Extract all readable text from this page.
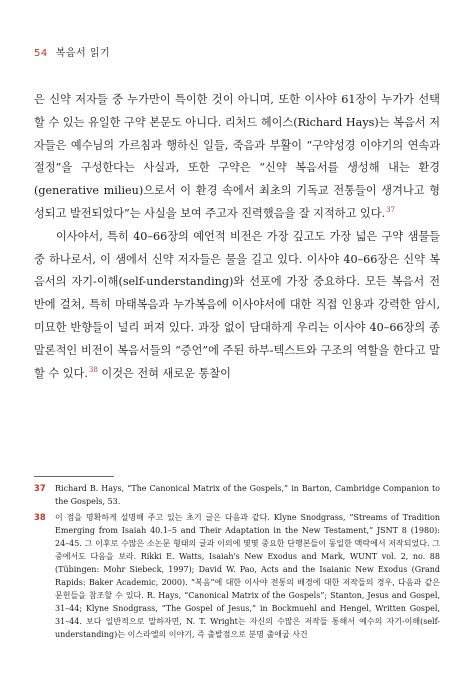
54 복음서 읽기

은 신약 저자들 중 누가만이 특이한 것이 아니며, 또한 이사야 61장이 누가가 선택할 수 있는 유일한 구약 본문도 아니다. 리처드 헤이스(Richard Hays)는 복음서 저자들은 예수님의 가르침과 행하신 일들, 죽음과 부활이 “구약성경 이야기의 연속과 절정”을 구성한다는 사실과, 또한 구약은 “신약 복음서를 생성해 내는 환경(generative milieu)으로서 이 환경 속에서 최초의 기독교 전통들이 생겨나고 형성되고 발전되었다”는 사실을 보여 주고자 진력했음을 잘 지적하고 있다.$^{37}$

이사야서, 특히 40–66장의 예언적 비전은 가장 깊고도 가장 넓은 구약 샘물들 중 하나로서, 이 샘에서 신약 저자들은 물을 길고 있다. 이사야 40–66장은 신약 복음서의 자기-이해(self-understanding)와 선포에 가장 중요하다. 모든 복음서 전반에 걸쳐, 특히 마태복음과 누가복음에 이사야서에 대한 직접 인용과 강력한 암시, 미묘한 반향들이 널리 퍼져 있다. 과장 없이 담대하게 우리는 이사야 40–66장의 종말론적인 비전이 복음서들의 “증언”에 주된 하부-텍스트와 구조의 역할을 한다고 말할 수 있다.$^{38}$ 이것은 전혀 새로운 통찰이

37 Richard B. Hays, “The Canonical Matrix of the Gospels,” in Barton, Cambridge Companion to the Gospels, 53.
38 이 점을 명확하게 설명해 주고 있는 초기 글은 다음과 같다. Klyne Snodgrass, “Streams of Tradition Emerging from Isaiah 40.1–5 and Their Adaptation in the New Testament,” JSNT 8 (1980): 24–45. 그 이후로 수많은 소논문 형태의 글과 이의에 몇몇 중요한 단행본들이 동일한 맥락에서 저작되었다. 그 중에서도 다음을 보라. Rikki E. Watts, Isaiah's New Exodus and Mark, WUNT vol. 2, no. 88 (Tübingen: Mohr Siebeck, 1997); David W. Pao, Acts and the Isaianic New Exodus (Grand Rapids: Baker Academic, 2000). “복음”에 대한 이사야 전통의 배경에 대한 저작들의 경우, 다음과 같은 문헌들을 참조할 수 있다. R. Hays, “Canonical Matrix of the Gospels”; Stanton, Jesus and Gospel, 31–44; Klyne Snodgrass, “The Gospel of Jesus,” in Bockmuehl and Hengel, Written Gospel, 31–44. 보다 일반적으로 말하자면, N. T. Wright는 자신의 수많은 저작들 통해서 예수의 자기-이해(self-understanding)는 이스라엘의 이야기, 즉 출발점으로 분명 출애굽 사건
